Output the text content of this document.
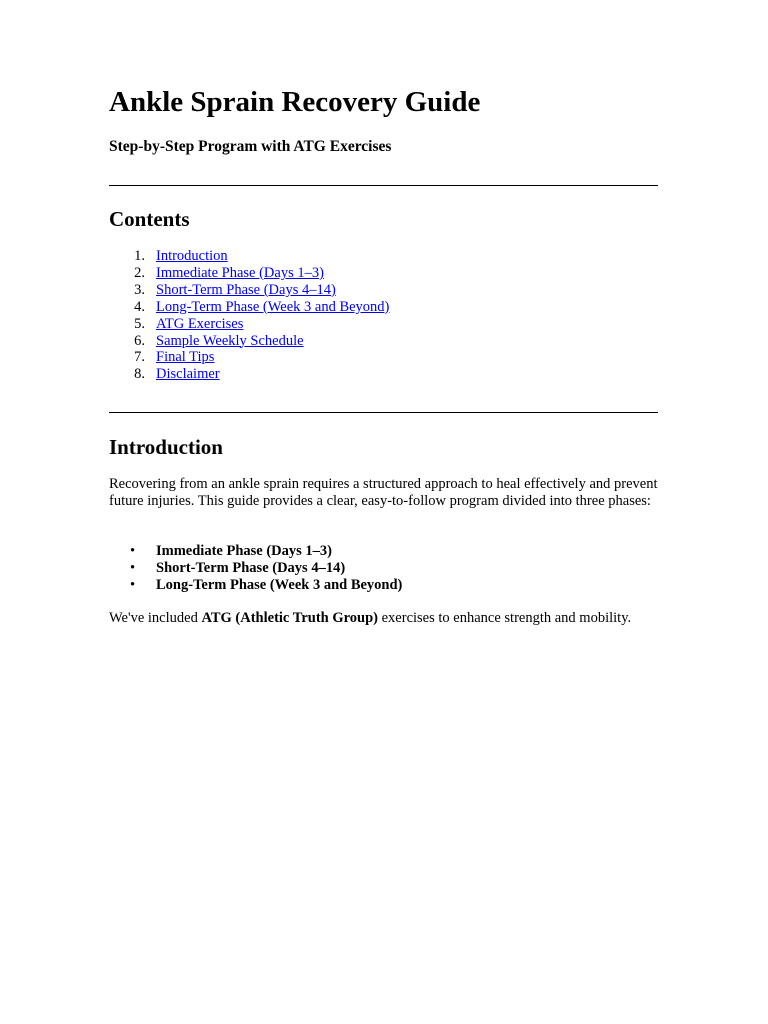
Ankle Sprain Recovery Guide
Step-by-Step Program with ATG Exercises
Contents
1. Introduction
2. Immediate Phase (Days 1–3)
3. Short-Term Phase (Days 4–14)
4. Long-Term Phase (Week 3 and Beyond)
5. ATG Exercises
6. Sample Weekly Schedule
7. Final Tips
8. Disclaimer
Introduction

Recovering from an ankle sprain requires a structured approach to heal effectively and prevent future injuries. This guide provides a clear, easy-to-follow program divided into three phases:

• Immediate Phase (Days 1–3)
• Short-Term Phase (Days 4–14)
• Long-Term Phase (Week 3 and Beyond)

We've included ATG (Athletic Truth Group) exercises to enhance strength and mobility.
